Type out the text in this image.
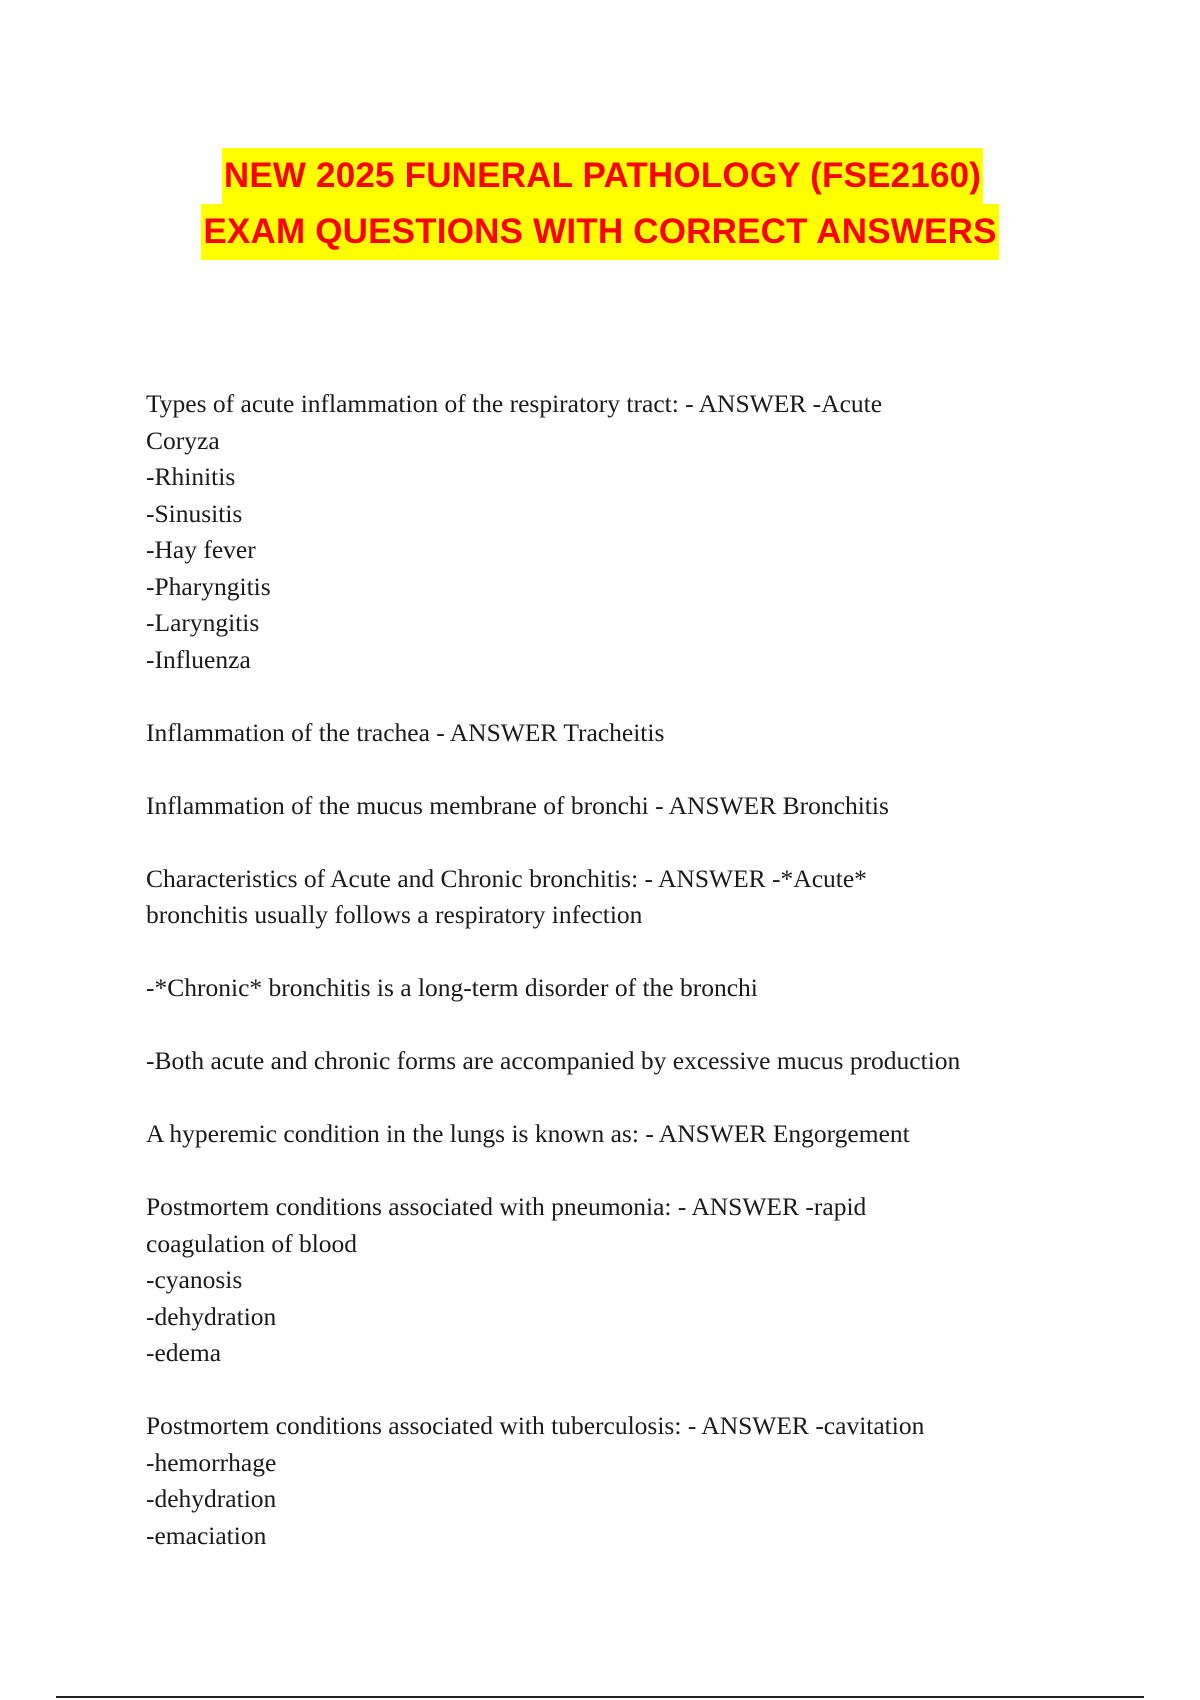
NEW 2025 FUNERAL PATHOLOGY (FSE2160)
EXAM QUESTIONS WITH CORRECT ANSWERS
Types of acute inflammation of the respiratory tract: - ANSWER -Acute
Coryza
-Rhinitis
-Sinusitis
-Hay fever
-Pharyngitis
-Laryngitis
-Influenza
Inflammation of the trachea - ANSWER Tracheitis
Inflammation of the mucus membrane of bronchi - ANSWER Bronchitis
Characteristics of Acute and Chronic bronchitis: - ANSWER -*Acute*
bronchitis usually follows a respiratory infection
-*Chronic* bronchitis is a long-term disorder of the bronchi
-Both acute and chronic forms are accompanied by excessive mucus production
A hyperemic condition in the lungs is known as: - ANSWER Engorgement
Postmortem conditions associated with pneumonia: - ANSWER -rapid
coagulation of blood
-cyanosis
-dehydration
-edema
Postmortem conditions associated with tuberculosis: - ANSWER -cavitation
-hemorrhage
-dehydration
-emaciation
